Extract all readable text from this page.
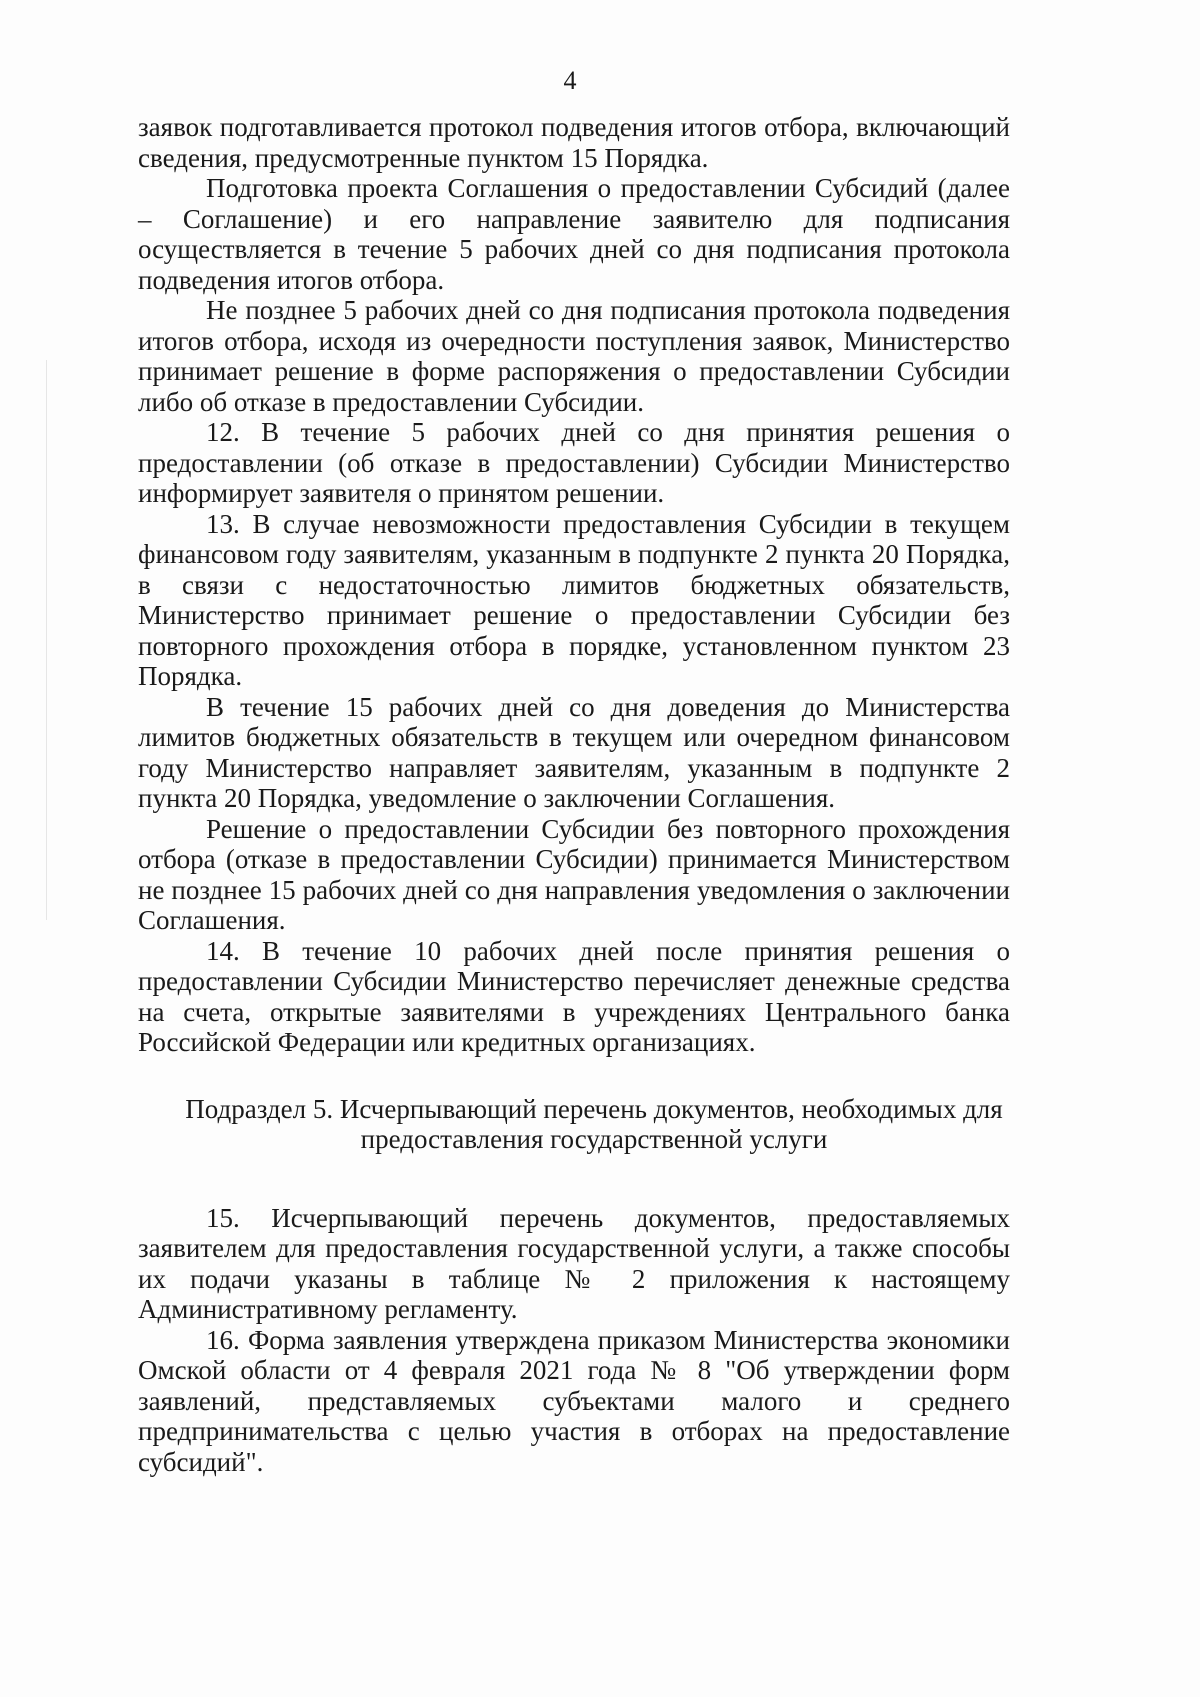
4

заявок подготавливается протокол подведения итогов отбора, включающий сведения, предусмотренные пунктом 15 Порядка.

Подготовка проекта Соглашения о предоставлении Субсидий (далее – Соглашение) и его направление заявителю для подписания осуществляется в течение 5 рабочих дней со дня подписания протокола подведения итогов отбора.

Не позднее 5 рабочих дней со дня подписания протокола подведения итогов отбора, исходя из очередности поступления заявок, Министерство принимает решение в форме распоряжения о предоставлении Субсидии либо об отказе в предоставлении Субсидии.

12. В течение 5 рабочих дней со дня принятия решения о предоставлении (об отказе в предоставлении) Субсидии Министерство информирует заявителя о принятом решении.

13. В случае невозможности предоставления Субсидии в текущем финансовом году заявителям, указанным в подпункте 2 пункта 20 Порядка, в связи с недостаточностью лимитов бюджетных обязательств, Министерство принимает решение о предоставлении Субсидии без повторного прохождения отбора в порядке, установленном пунктом 23 Порядка.

В течение 15 рабочих дней со дня доведения до Министерства лимитов бюджетных обязательств в текущем или очередном финансовом году Министерство направляет заявителям, указанным в подпункте 2 пункта 20 Порядка, уведомление о заключении Соглашения.

Решение о предоставлении Субсидии без повторного прохождения отбора (отказе в предоставлении Субсидии) принимается Министерством не позднее 15 рабочих дней со дня направления уведомления о заключении Соглашения.

14. В течение 10 рабочих дней после принятия решения о предоставлении Субсидии Министерство перечисляет денежные средства на счета, открытые заявителями в учреждениях Центрального банка Российской Федерации или кредитных организациях.

Подраздел 5. Исчерпывающий перечень документов, необходимых для
предоставления государственной услуги

15. Исчерпывающий перечень документов, предоставляемых заявителем для предоставления государственной услуги, а также способы их подачи указаны в таблице № 2 приложения к настоящему Административному регламенту.

16. Форма заявления утверждена приказом Министерства экономики Омской области от 4 февраля 2021 года № 8 "Об утверждении форм заявлений, представляемых субъектами малого и среднего предпринимательства с целью участия в отборах на предоставление субсидий".
